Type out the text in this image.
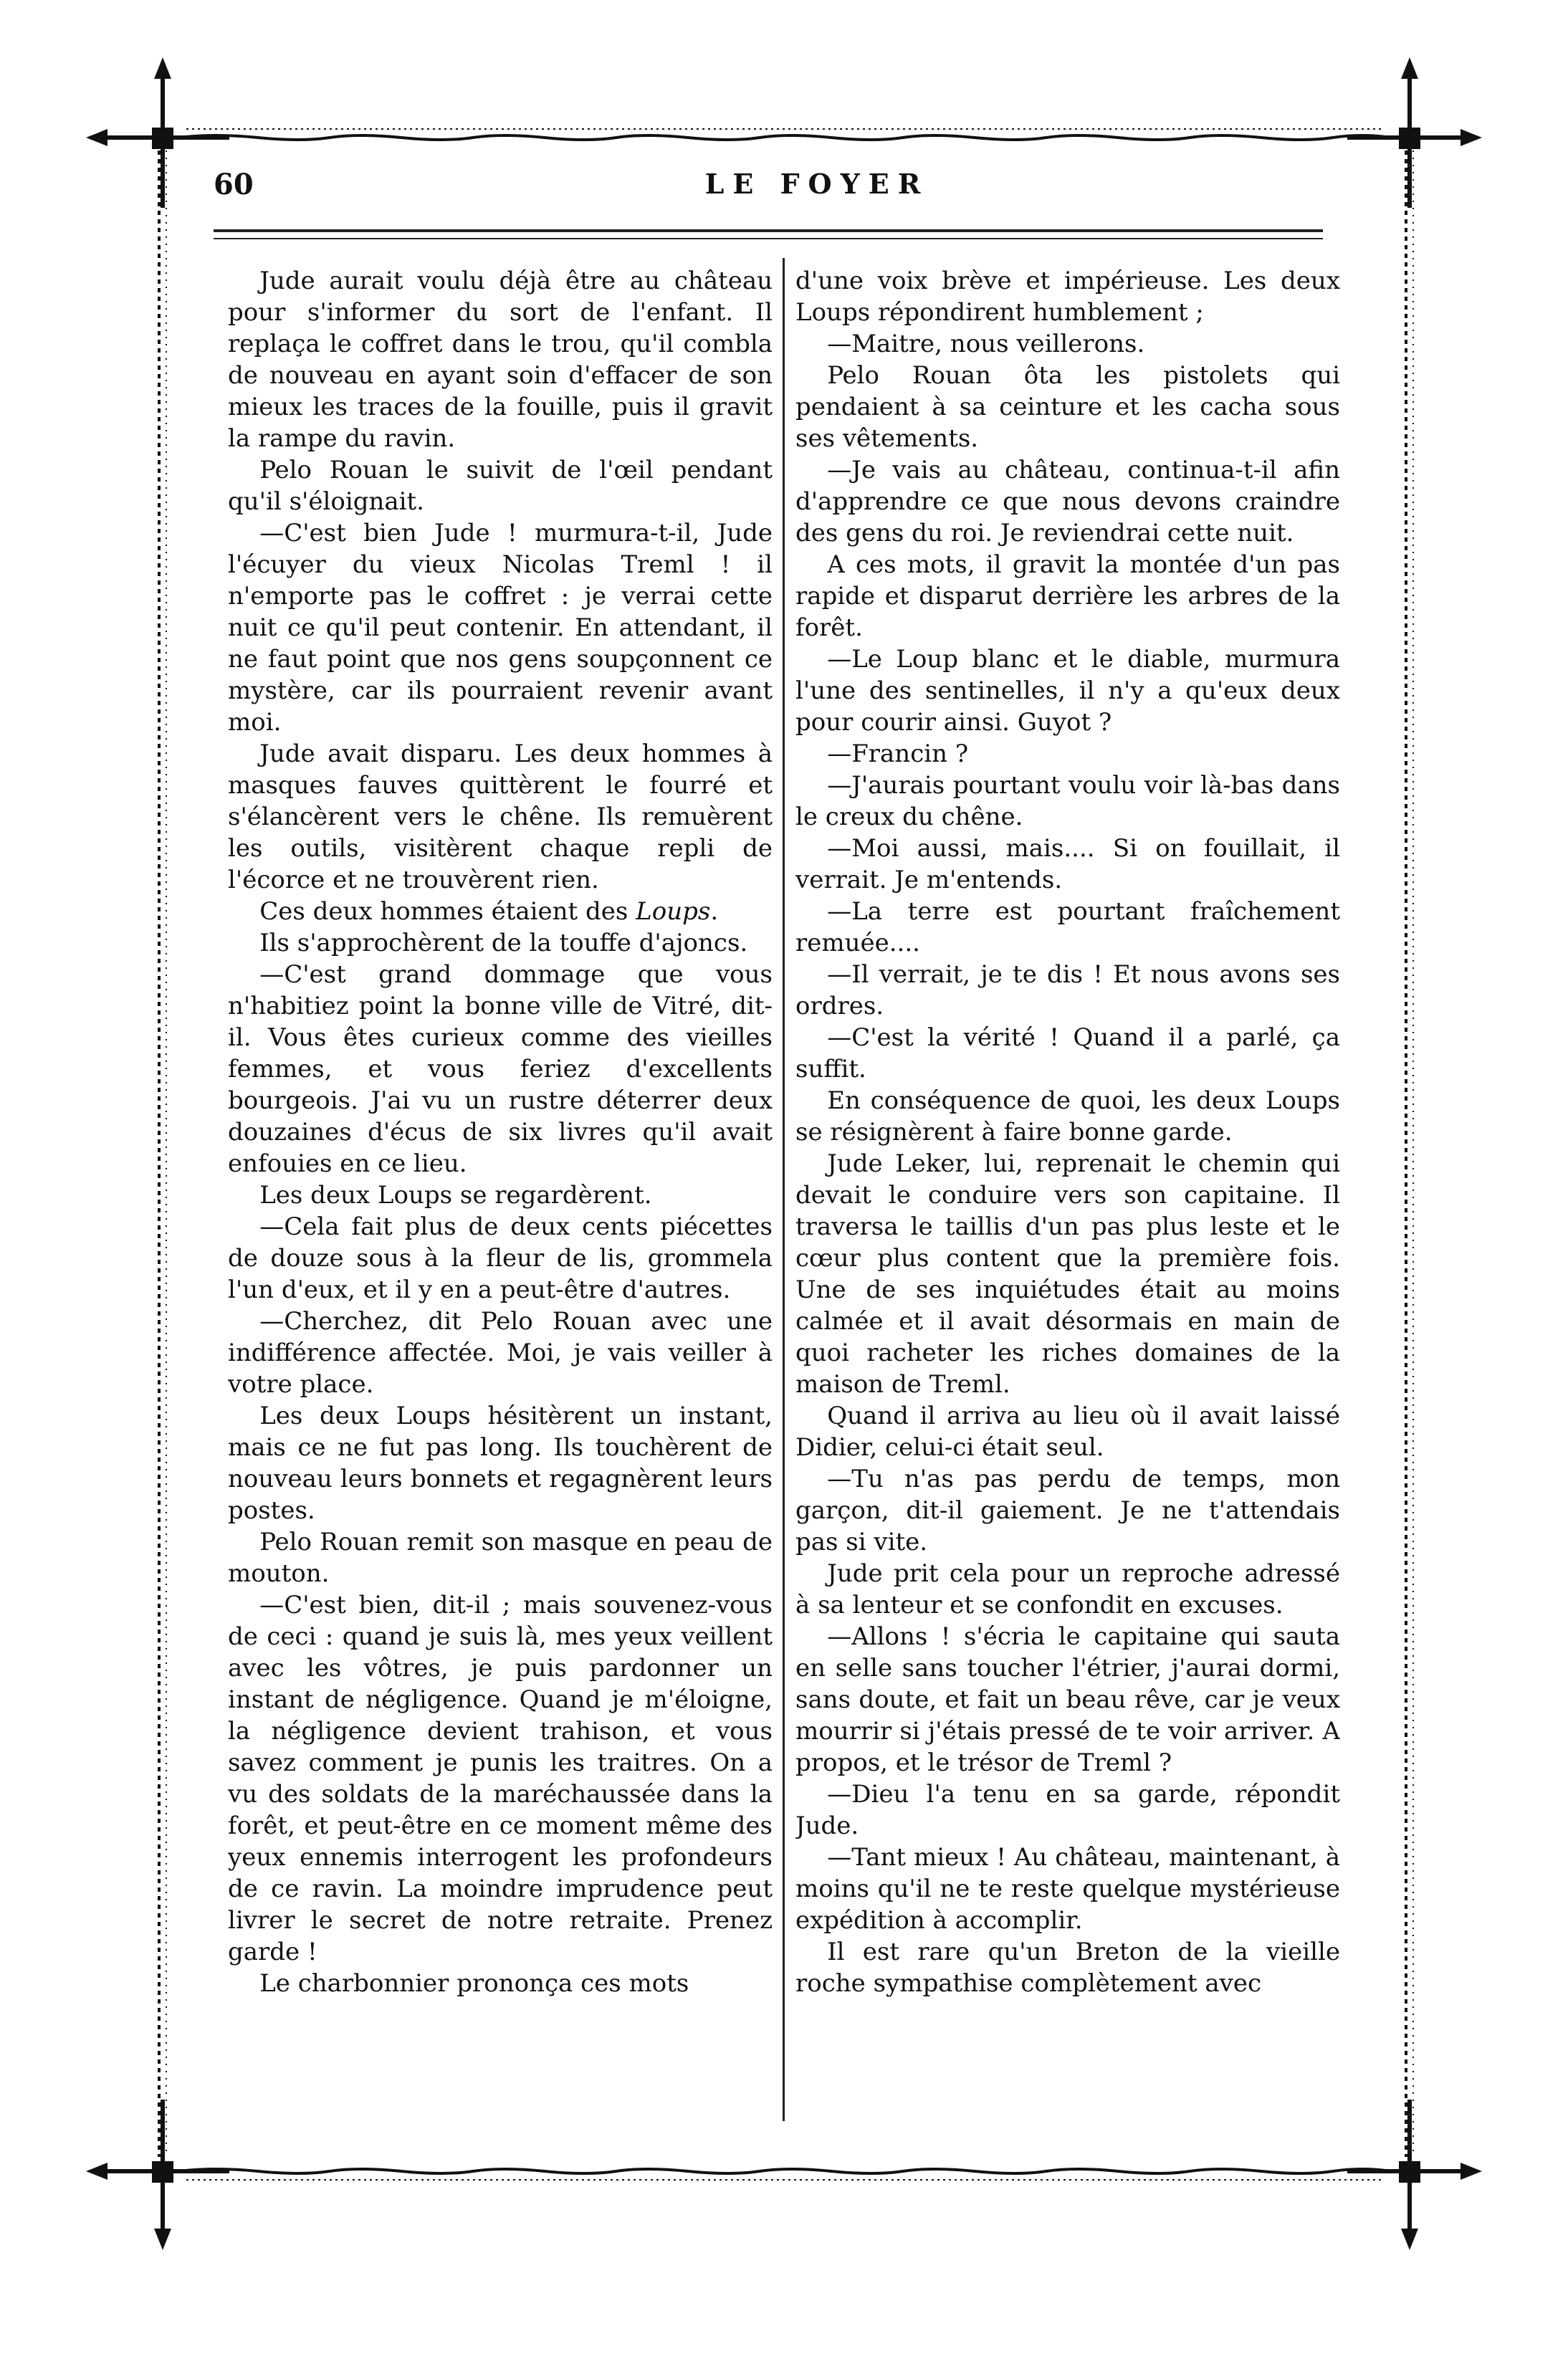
60	LE FOYER

Jude aurait voulu déjà être au château pour s'informer du sort de l'enfant. Il replaça le coffret dans le trou, qu'il combla de nouveau en ayant soin d'effacer de son mieux les traces de la fouille, puis il gravit la rampe du ravin.

Pelo Rouan le suivit de l'œil pendant qu'il s'éloignait.

—C'est bien Jude ! murmura-t-il, Jude l'écuyer du vieux Nicolas Treml ! il n'emporte pas le coffret : je verrai cette nuit ce qu'il peut contenir. En attendant, il ne faut point que nos gens soupçonnent ce mystère, car ils pourraient revenir avant moi.

Jude avait disparu. Les deux hommes à masques fauves quittèrent le fourré et s'élancèrent vers le chêne. Ils remuèrent les outils, visitèrent chaque repli de l'écorce et ne trouvèrent rien.

Ces deux hommes étaient des Loups.

Ils s'approchèrent de la touffe d'ajoncs.

—C'est grand dommage que vous n'habitiez point la bonne ville de Vitré, dit-il. Vous êtes curieux comme des vieilles femmes, et vous feriez d'excellents bourgeois. J'ai vu un rustre déterrer deux douzaines d'écus de six livres qu'il avait enfouies en ce lieu.

Les deux Loups se regardèrent.

—Cela fait plus de deux cents piécettes de douze sous à la fleur de lis, grommela l'un d'eux, et il y en a peut-être d'autres.

—Cherchez, dit Pelo Rouan avec une indifférence affectée. Moi, je vais veiller à votre place.

Les deux Loups hésitèrent un instant, mais ce ne fut pas long. Ils touchèrent de nouveau leurs bonnets et regagnèrent leurs postes.

Pelo Rouan remit son masque en peau de mouton.

—C'est bien, dit-il ; mais souvenez-vous de ceci : quand je suis là, mes yeux veillent avec les vôtres, je puis pardonner un instant de négligence. Quand je m'éloigne, la négligence devient trahison, et vous savez comment je punis les traitres. On a vu des soldats de la maréchaussée dans la forêt, et peut-être en ce moment même des yeux ennemis interrogent les profondeurs de ce ravin. La moindre imprudence peut livrer le secret de notre retraite. Prenez garde !

Le charbonnier prononça ces mots

d'une voix brève et impérieuse. Les deux Loups répondirent humblement ;

—Maitre, nous veillerons.

Pelo Rouan ôta les pistolets qui pendaient à sa ceinture et les cacha sous ses vêtements.

—Je vais au château, continua-t-il afin d'apprendre ce que nous devons craindre des gens du roi. Je reviendrai cette nuit.

A ces mots, il gravit la montée d'un pas rapide et disparut derrière les arbres de la forêt.

—Le Loup blanc et le diable, murmura l'une des sentinelles, il n'y a qu'eux deux pour courir ainsi. Guyot ?

—Francin ?

—J'aurais pourtant voulu voir là-bas dans le creux du chêne.

—Moi aussi, mais.... Si on fouillait, il verrait. Je m'entends.

—La terre est pourtant fraîchement remuée....

—Il verrait, je te dis ! Et nous avons ses ordres.

—C'est la vérité ! Quand il a parlé, ça suffit.

En conséquence de quoi, les deux Loups se résignèrent à faire bonne garde.

Jude Leker, lui, reprenait le chemin qui devait le conduire vers son capitaine. Il traversa le taillis d'un pas plus leste et le cœur plus content que la première fois. Une de ses inquiétudes était au moins calmée et il avait désormais en main de quoi racheter les riches domaines de la maison de Treml.

Quand il arriva au lieu où il avait laissé Didier, celui-ci était seul.

—Tu n'as pas perdu de temps, mon garçon, dit-il gaiement. Je ne t'attendais pas si vite.

Jude prit cela pour un reproche adressé à sa lenteur et se confondit en excuses.

—Allons ! s'écria le capitaine qui sauta en selle sans toucher l'étrier, j'aurai dormi, sans doute, et fait un beau rêve, car je veux mourrir si j'étais pressé de te voir arriver. A propos, et le trésor de Treml ?

—Dieu l'a tenu en sa garde, répondit Jude.

—Tant mieux ! Au château, maintenant, à moins qu'il ne te reste quelque mystérieuse expédition à accomplir.

Il est rare qu'un Breton de la vieille roche sympathise complètement avec
